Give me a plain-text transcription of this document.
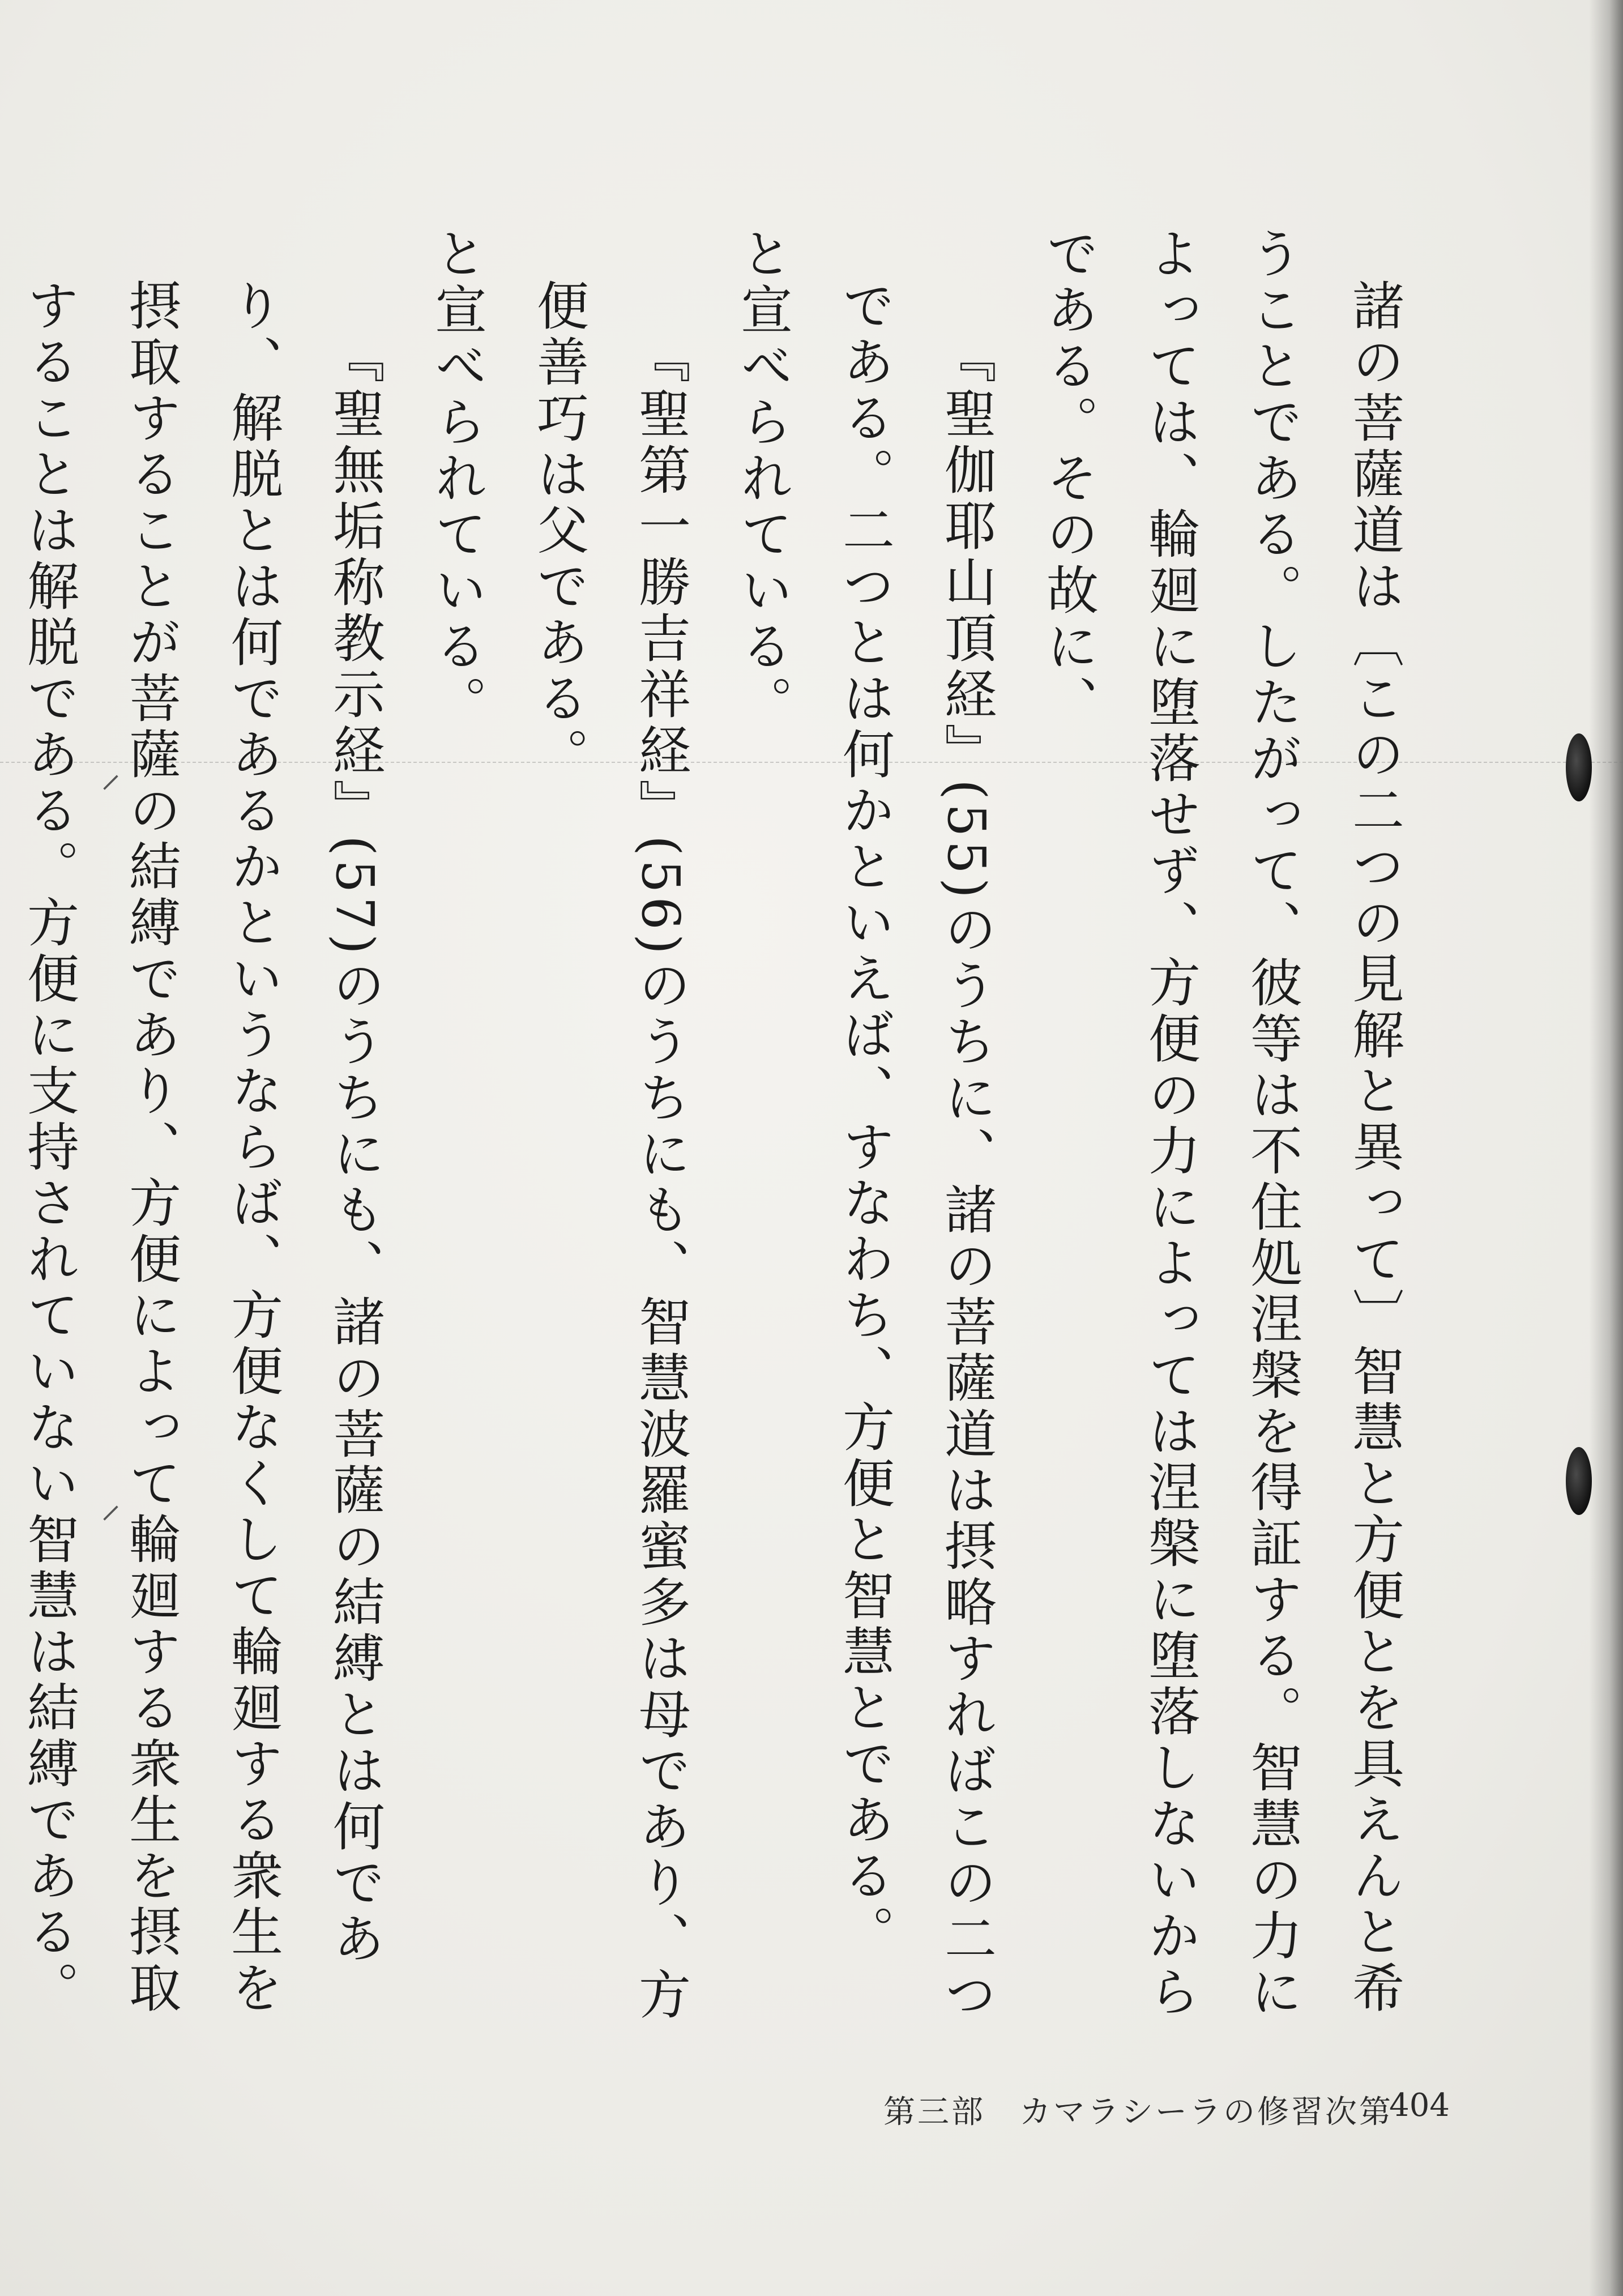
⸝
⸝	諸の菩薩道は〔この二つの見解と異って〕智慧と方便とを具えんと希うことである。したがって、彼等は不住処涅槃を得証する。智慧の力によっては、輪廻に堕落せず、方便の力によっては涅槃に堕落しないからである。その故に、

『聖伽耶山頂経』(55)のうちに、諸の菩薩道は摂略すればこの二つである。二つとは何かといえば、すなわち、方便と智慧とである。

と宣べられている。

『聖第一勝吉祥経』(56)のうちにも、智慧波羅蜜多は母であり、方便善巧は父である。

と宣べられている。

『聖無垢称教示経』(57)のうちにも、諸の菩薩の結縛とは何であり、解脱とは何であるかというならば、方便なくして輪廻する衆生を摂取することが菩薩の結縛であり、方便によって輪廻する衆生を摂取することは解脱である。方便に支持されていない智慧は結縛である。

第三部　カマラシーラの修習次第
404
